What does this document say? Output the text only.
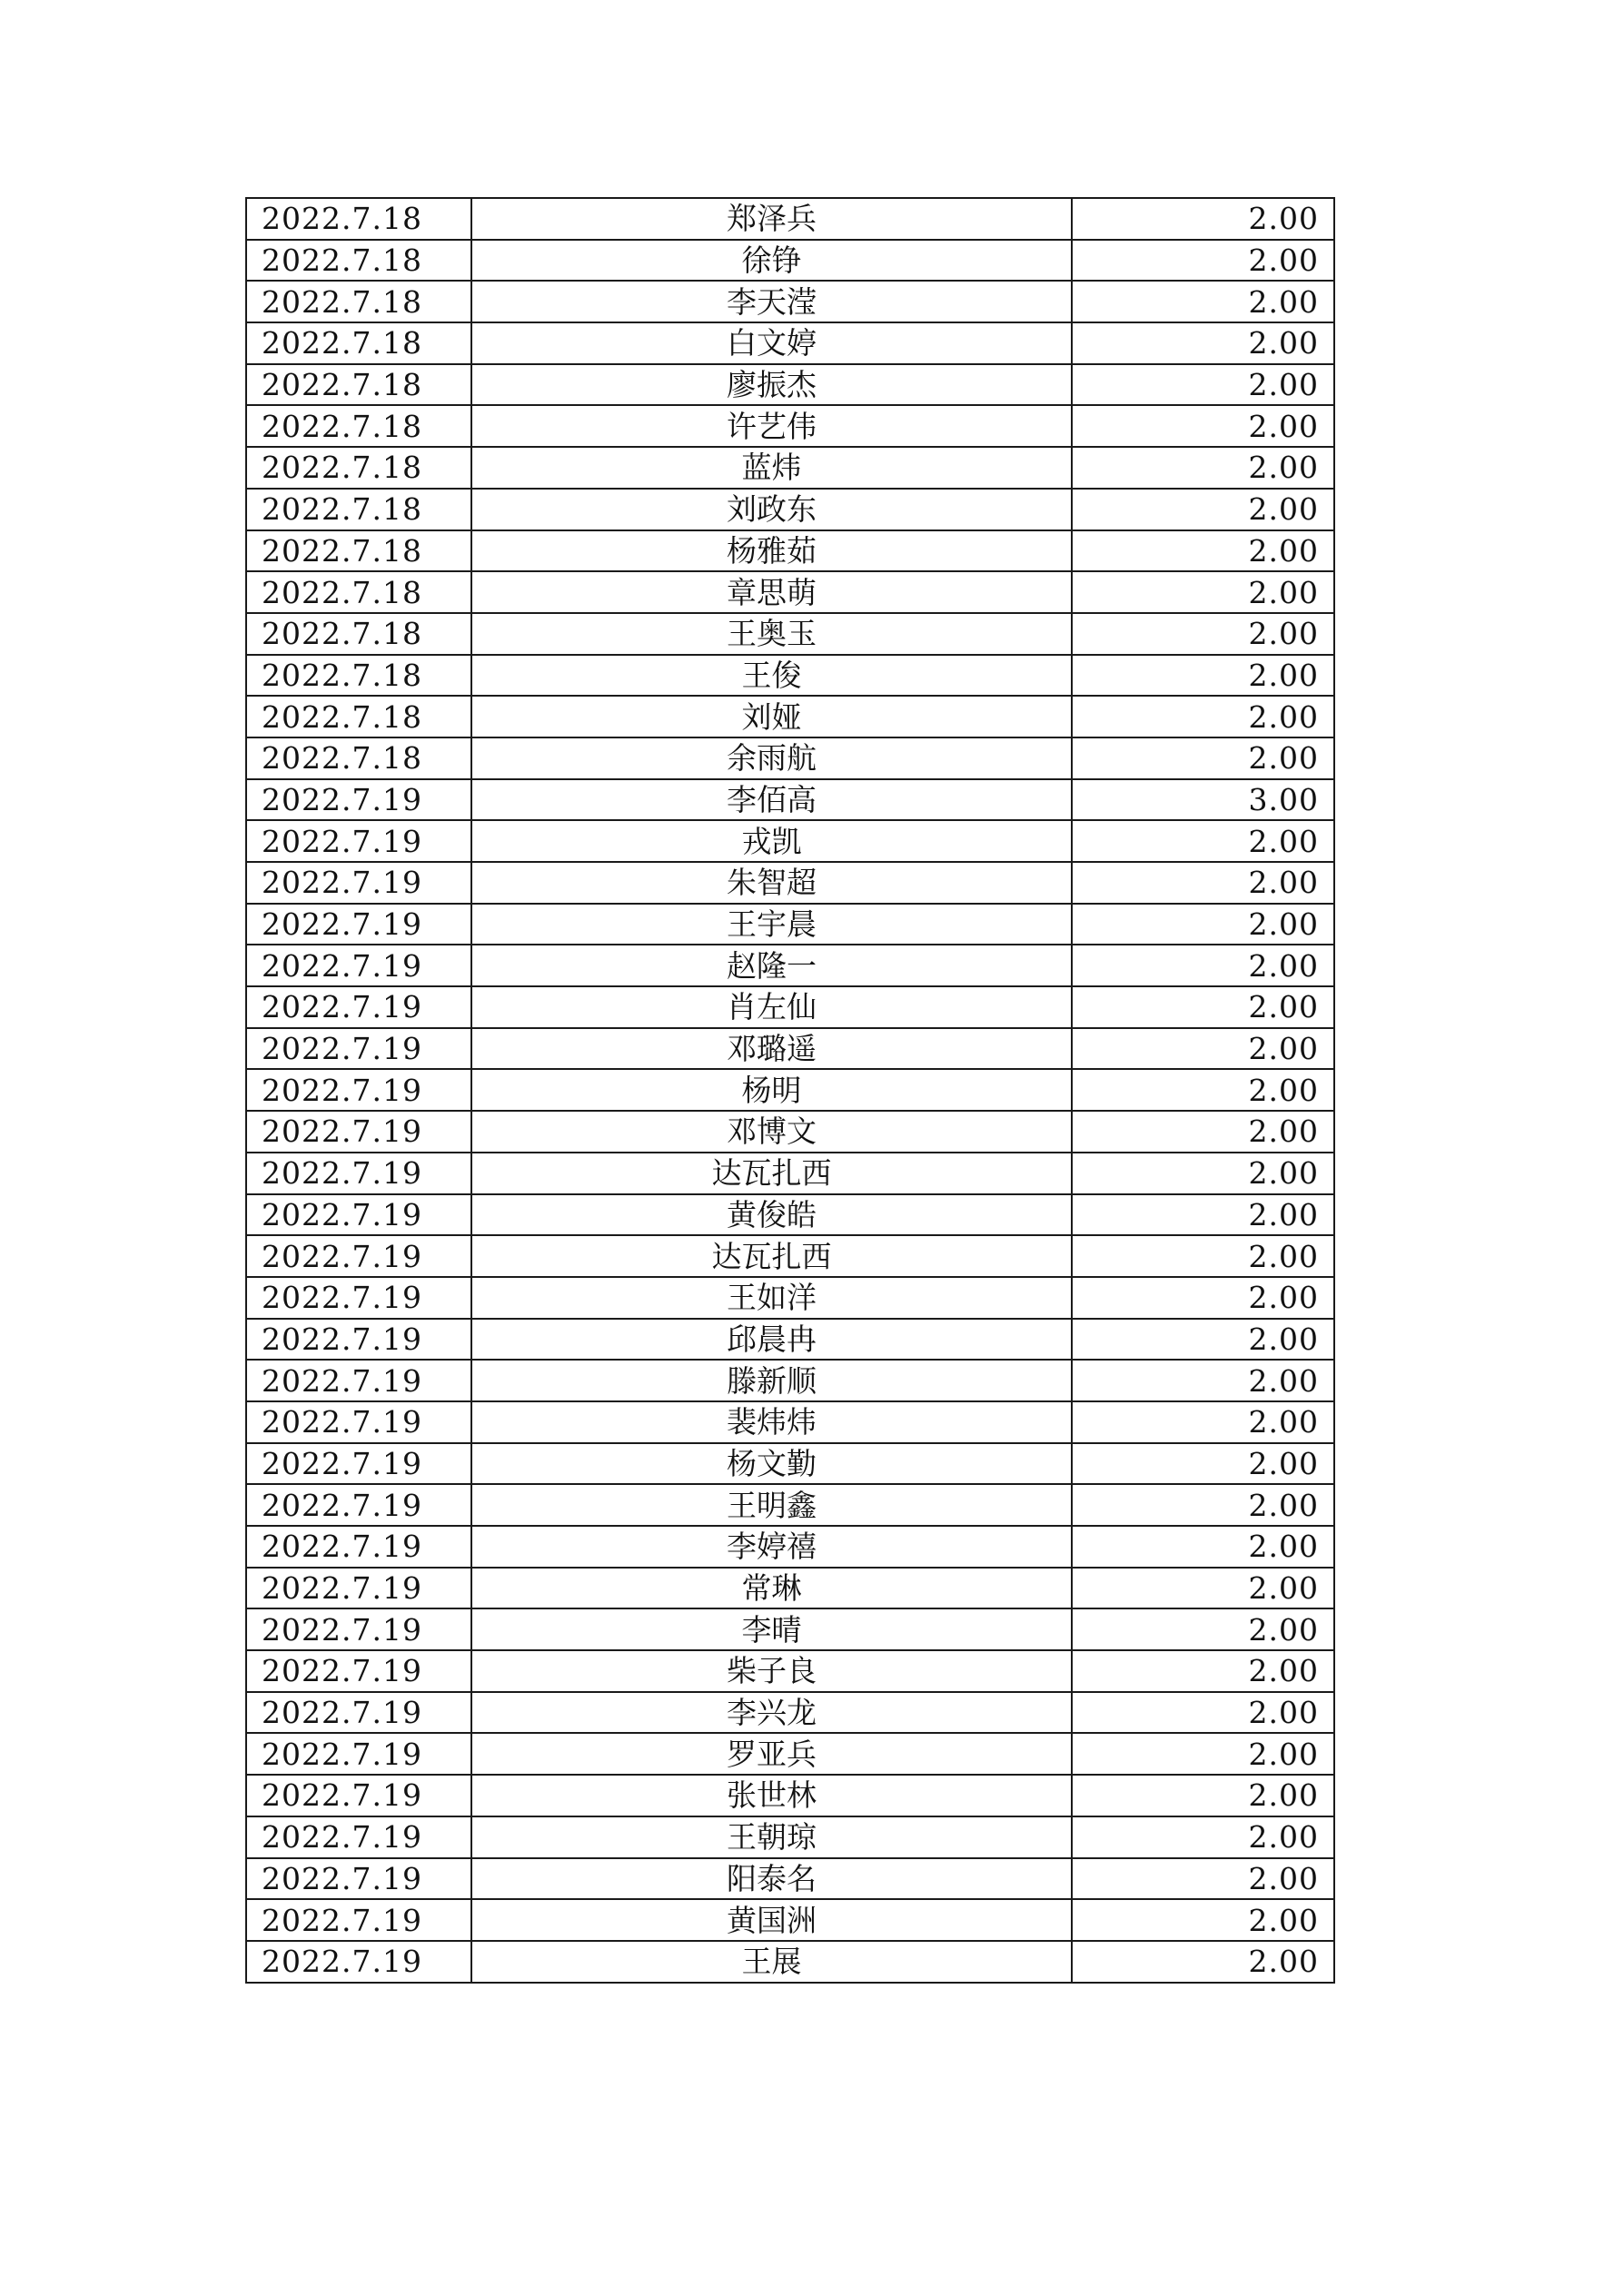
2022.7.18	郑泽兵	2.00
2022.7.18	徐铮	2.00
2022.7.18	李天滢	2.00
2022.7.18	白文婷	2.00
2022.7.18	廖振杰	2.00
2022.7.18	许艺伟	2.00
2022.7.18	蓝炜	2.00
2022.7.18	刘政东	2.00
2022.7.18	杨雅茹	2.00
2022.7.18	章思萌	2.00
2022.7.18	王奥玉	2.00
2022.7.18	王俊	2.00
2022.7.18	刘娅	2.00
2022.7.18	余雨航	2.00
2022.7.19	李佰高	3.00
2022.7.19	戎凯	2.00
2022.7.19	朱智超	2.00
2022.7.19	王宇晨	2.00
2022.7.19	赵隆一	2.00
2022.7.19	肖左仙	2.00
2022.7.19	邓璐遥	2.00
2022.7.19	杨明	2.00
2022.7.19	邓博文	2.00
2022.7.19	达瓦扎西	2.00
2022.7.19	黄俊皓	2.00
2022.7.19	达瓦扎西	2.00
2022.7.19	王如洋	2.00
2022.7.19	邱晨冉	2.00
2022.7.19	滕新顺	2.00
2022.7.19	裴炜炜	2.00
2022.7.19	杨文勤	2.00
2022.7.19	王明鑫	2.00
2022.7.19	李婷禧	2.00
2022.7.19	常琳	2.00
2022.7.19	李晴	2.00
2022.7.19	柴子良	2.00
2022.7.19	李兴龙	2.00
2022.7.19	罗亚兵	2.00
2022.7.19	张世林	2.00
2022.7.19	王朝琼	2.00
2022.7.19	阳泰名	2.00
2022.7.19	黄国洲	2.00
2022.7.19	王展	2.00
